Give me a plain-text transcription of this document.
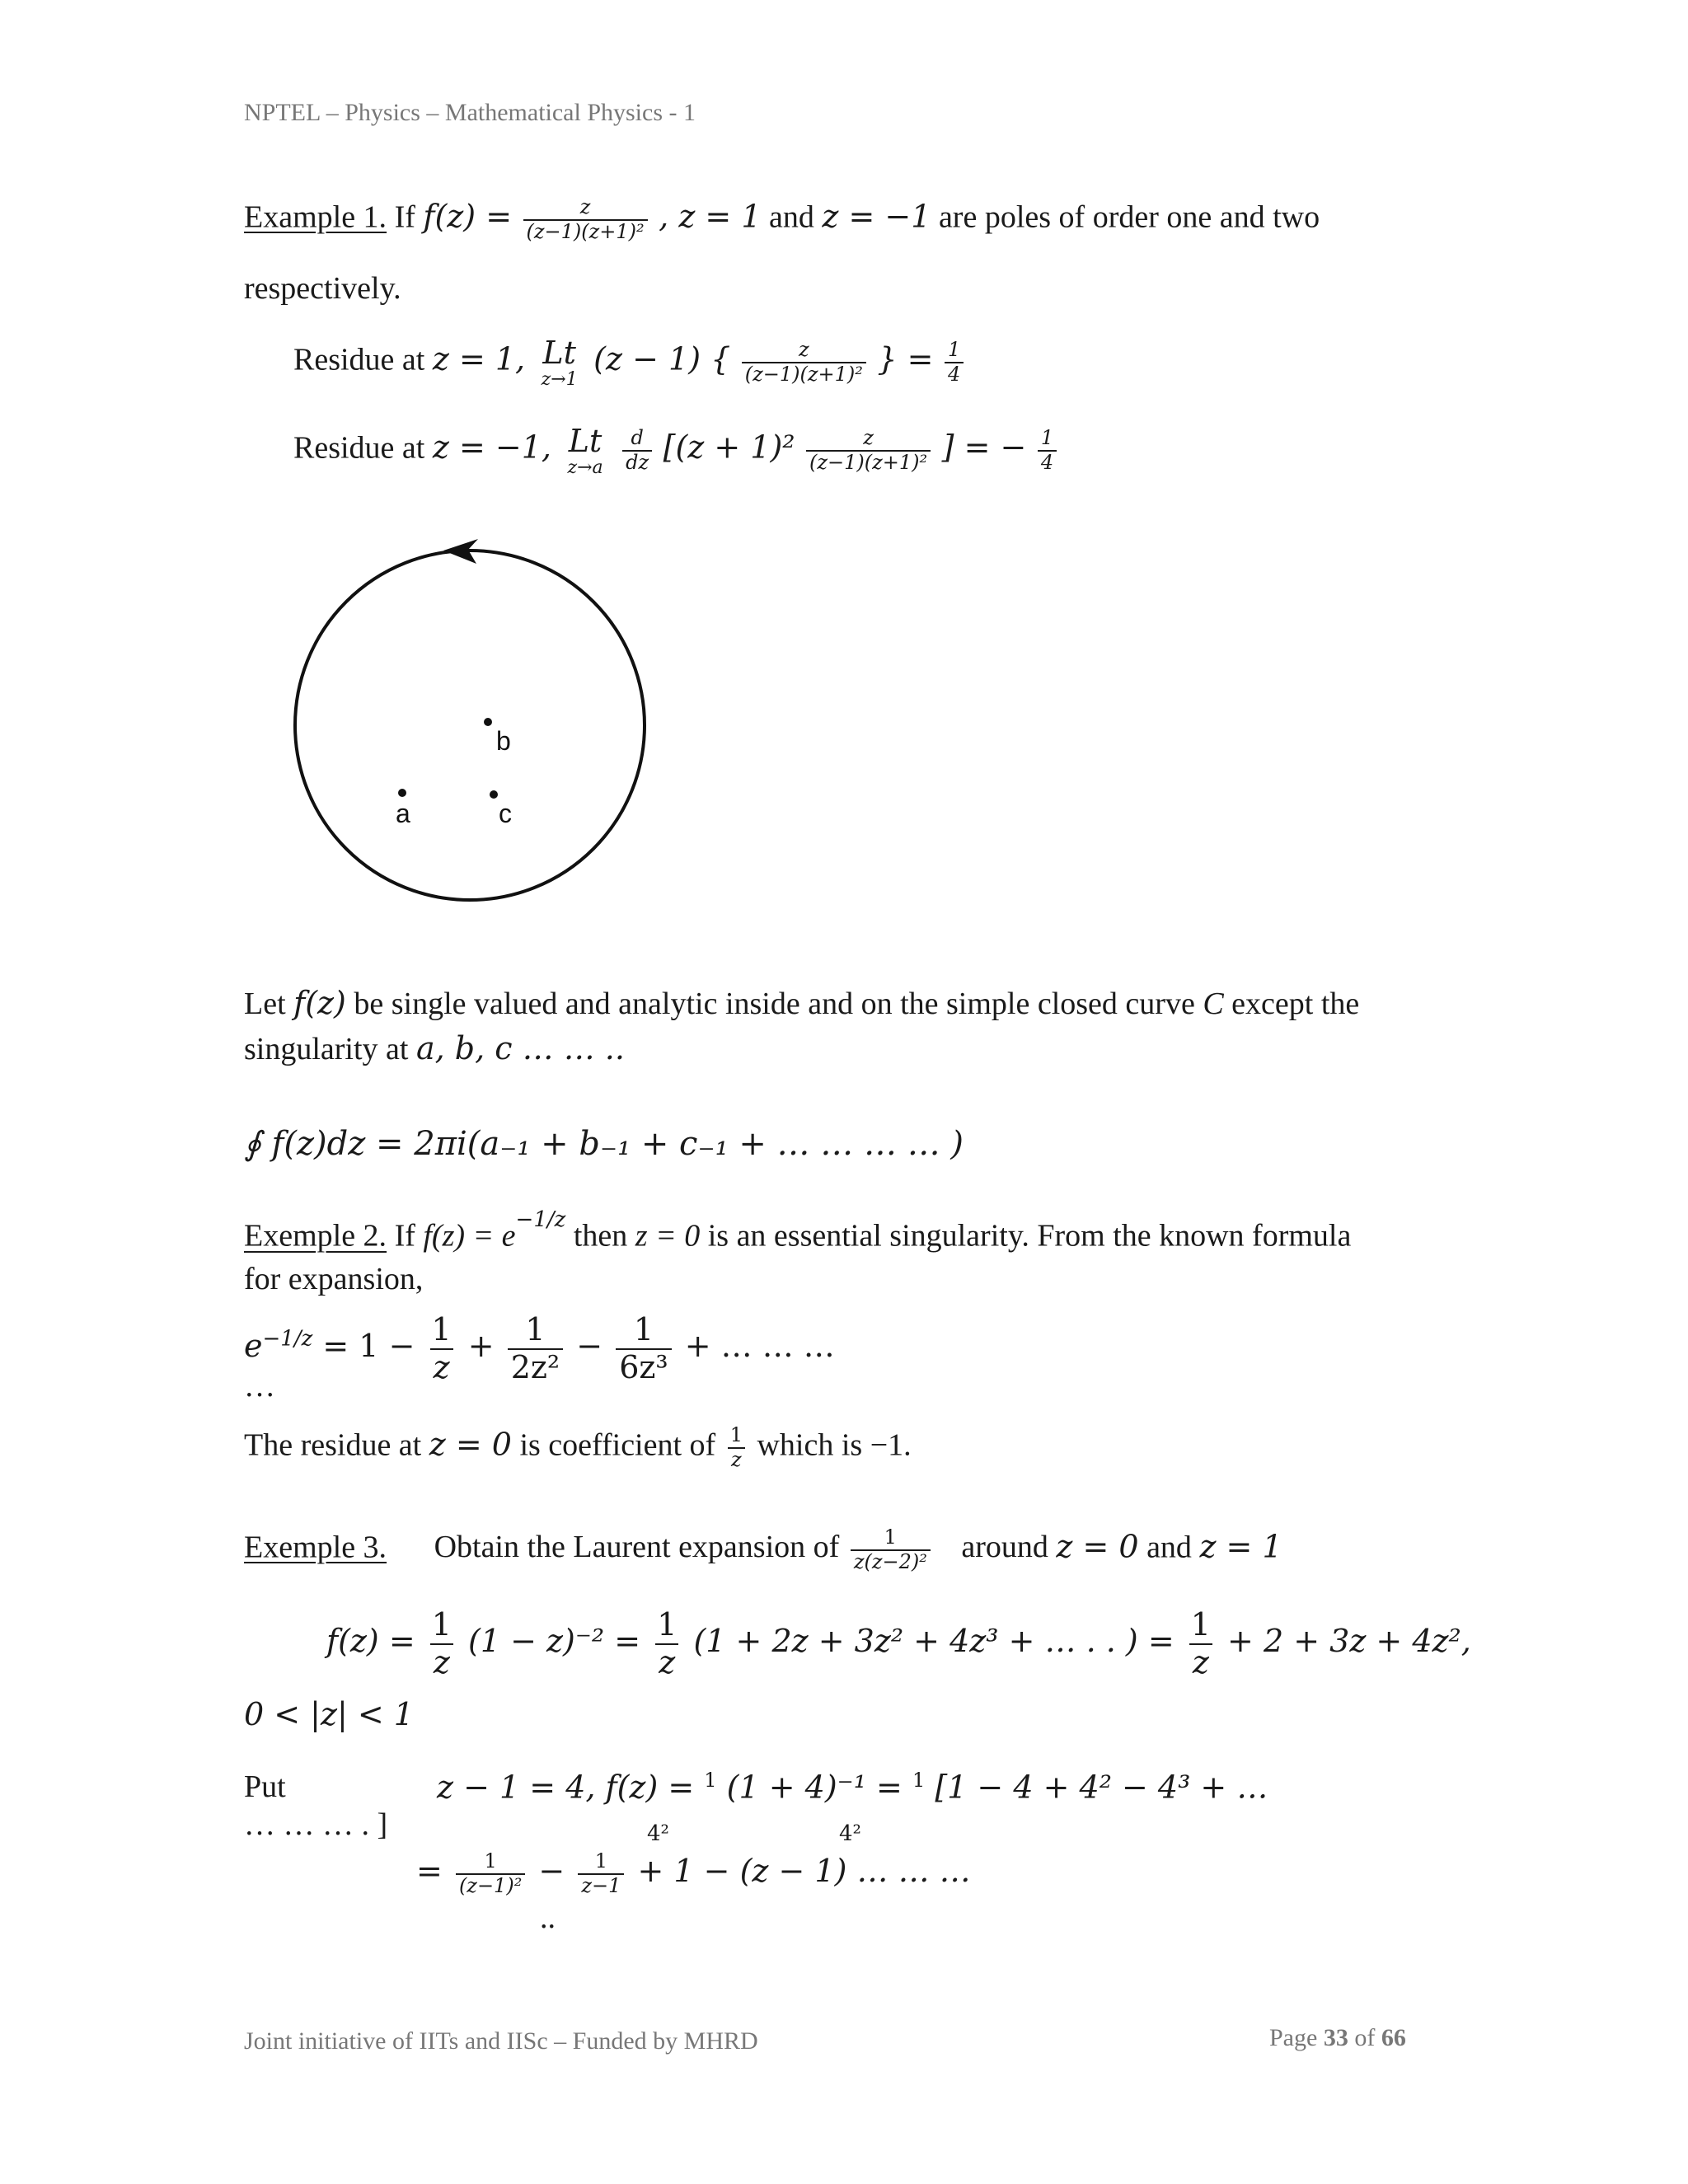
NPTEL – Physics – Mathematical Physics - 1
Example 1. If $f(z) = \frac{z}{\text{(z−1)(z+1)²}}$ , z = 1 and z = −1 are poles of order one and two
respectively.
Residue at z = 1, Lt
z→1
(z − 1) { $\frac{z}{\text{(z−1)(z+1)²}}$ } = $\frac{1}{4}$
Residue at z = −1, Lt
z→a
$\frac{d}{dz} [(z + 1)^2 \frac{z}{\text{(z−1)(z+1)²}}$ ] = − $\frac{1}{4}$
b
a	c
Let f(z) be single valued and analytic inside and on the simple closed curve C except the
singularity at a, b, c … … ..
∮ f(z)dz = 2πi(a₋₁ + b₋₁ + c₋₁ + … … … … )
Exemple 2. If $f(z) = e^{-1/z}$ then z = 0 is an essential singularity. From the known formula
for expansion,
$e^{-1/z} = 1 - \frac{1}{z} + \frac{1}{\text{2z²}} - \frac{1}{\text{6z³}}$ + … … …
…
The residue at z = 0 is coefficient of $\frac{1}{z}$ which is −1.
Exemple 3. Obtain the Laurent expansion of $\frac{1}{\text{z(z−2)²}}$ around z = 0 and z = 1
$f(z) = \frac{1}{z} (1 - z)^{-2} = \frac{1}{z} (1 + 2z + 3z^2 + 4z^3$ + … . . ) = $\frac{1}{z} + 2 + 3z + 4z^2$,
0 < |z| < 1
Put	z − 1 = 4, f(z) = $^1$ (1 + 4)⁻¹ = $^1$ [1 − 4 + 4² − 4³ + …
… … … . ]	4²	4²
= $\frac{1}{\text{(z−1)²}} - \frac{1}{z-1} + 1 - (z - 1)$ … … …
..
Joint initiative of IITs and IISc – Funded by MHRD	Page 33 of 66
